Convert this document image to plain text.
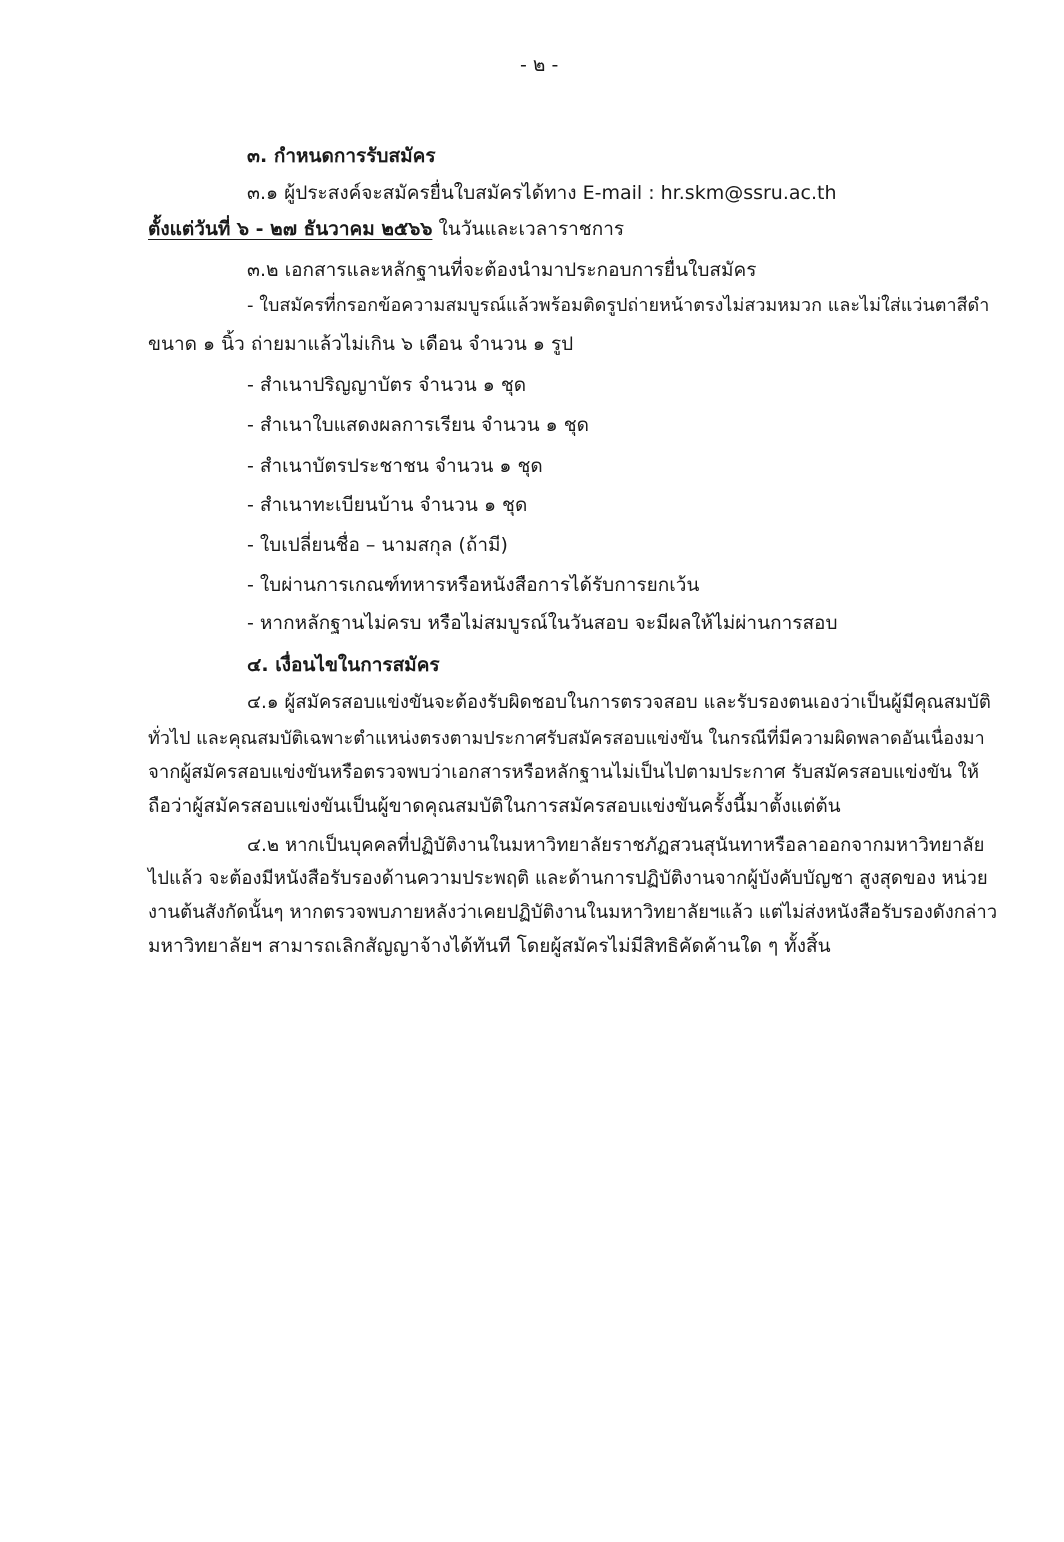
- ๒ -
๓. กำหนดการรับสมัคร
๓.๑ ผู้ประสงค์จะสมัครยื่นใบสมัครได้ทาง E-mail : hr.skm@ssru.ac.th
ตั้งแต่วันที่ ๖ - ๒๗ ธันวาคม ๒๕๖๖ ในวันและเวลาราชการ
๓.๒ เอกสารและหลักฐานที่จะต้องนำมาประกอบการยื่นใบสมัคร
- ใบสมัครที่กรอกข้อความสมบูรณ์แล้วพร้อมติดรูปถ่ายหน้าตรงไม่สวมหมวก และไม่ใส่แว่นตาสีดำ
ขนาด ๑ นิ้ว ถ่ายมาแล้วไม่เกิน ๖ เดือน จำนวน ๑ รูป
- สำเนาปริญญาบัตร จำนวน ๑ ชุด
- สำเนาใบแสดงผลการเรียน จำนวน ๑ ชุด
- สำเนาบัตรประชาชน จำนวน ๑ ชุด
- สำเนาทะเบียนบ้าน จำนวน ๑ ชุด
- ใบเปลี่ยนชื่อ – นามสกุล (ถ้ามี)
- ใบผ่านการเกณฑ์ทหารหรือหนังสือการได้รับการยกเว้น
- หากหลักฐานไม่ครบ หรือไม่สมบูรณ์ในวันสอบ จะมีผลให้ไม่ผ่านการสอบ
๔. เงื่อนไขในการสมัคร
๔.๑ ผู้สมัครสอบแข่งขันจะต้องรับผิดชอบในการตรวจสอบ และรับรองตนเองว่าเป็นผู้มีคุณสมบัติ
ทั่วไป และคุณสมบัติเฉพาะตำแหน่งตรงตามประกาศรับสมัครสอบแข่งขัน ในกรณีที่มีความผิดพลาดอันเนื่องมา
จากผู้สมัครสอบแข่งขันหรือตรวจพบว่าเอกสารหรือหลักฐานไม่เป็นไปตามประกาศ รับสมัครสอบแข่งขัน ให้
ถือว่าผู้สมัครสอบแข่งขันเป็นผู้ขาดคุณสมบัติในการสมัครสอบแข่งขันครั้งนี้มาตั้งแต่ต้น
๔.๒ หากเป็นบุคคลที่ปฏิบัติงานในมหาวิทยาลัยราชภัฏสวนสุนันทาหรือลาออกจากมหาวิทยาลัย
ไปแล้ว จะต้องมีหนังสือรับรองด้านความประพฤติ และด้านการปฏิบัติงานจากผู้บังคับบัญชา สูงสุดของ หน่วย
งานต้นสังกัดนั้นๆ หากตรวจพบภายหลังว่าเคยปฏิบัติงานในมหาวิทยาลัยฯแล้ว แต่ไม่ส่งหนังสือรับรองดังกล่าว
มหาวิทยาลัยฯ สามารถเลิกสัญญาจ้างได้ทันที โดยผู้สมัครไม่มีสิทธิคัดค้านใด ๆ ทั้งสิ้น
